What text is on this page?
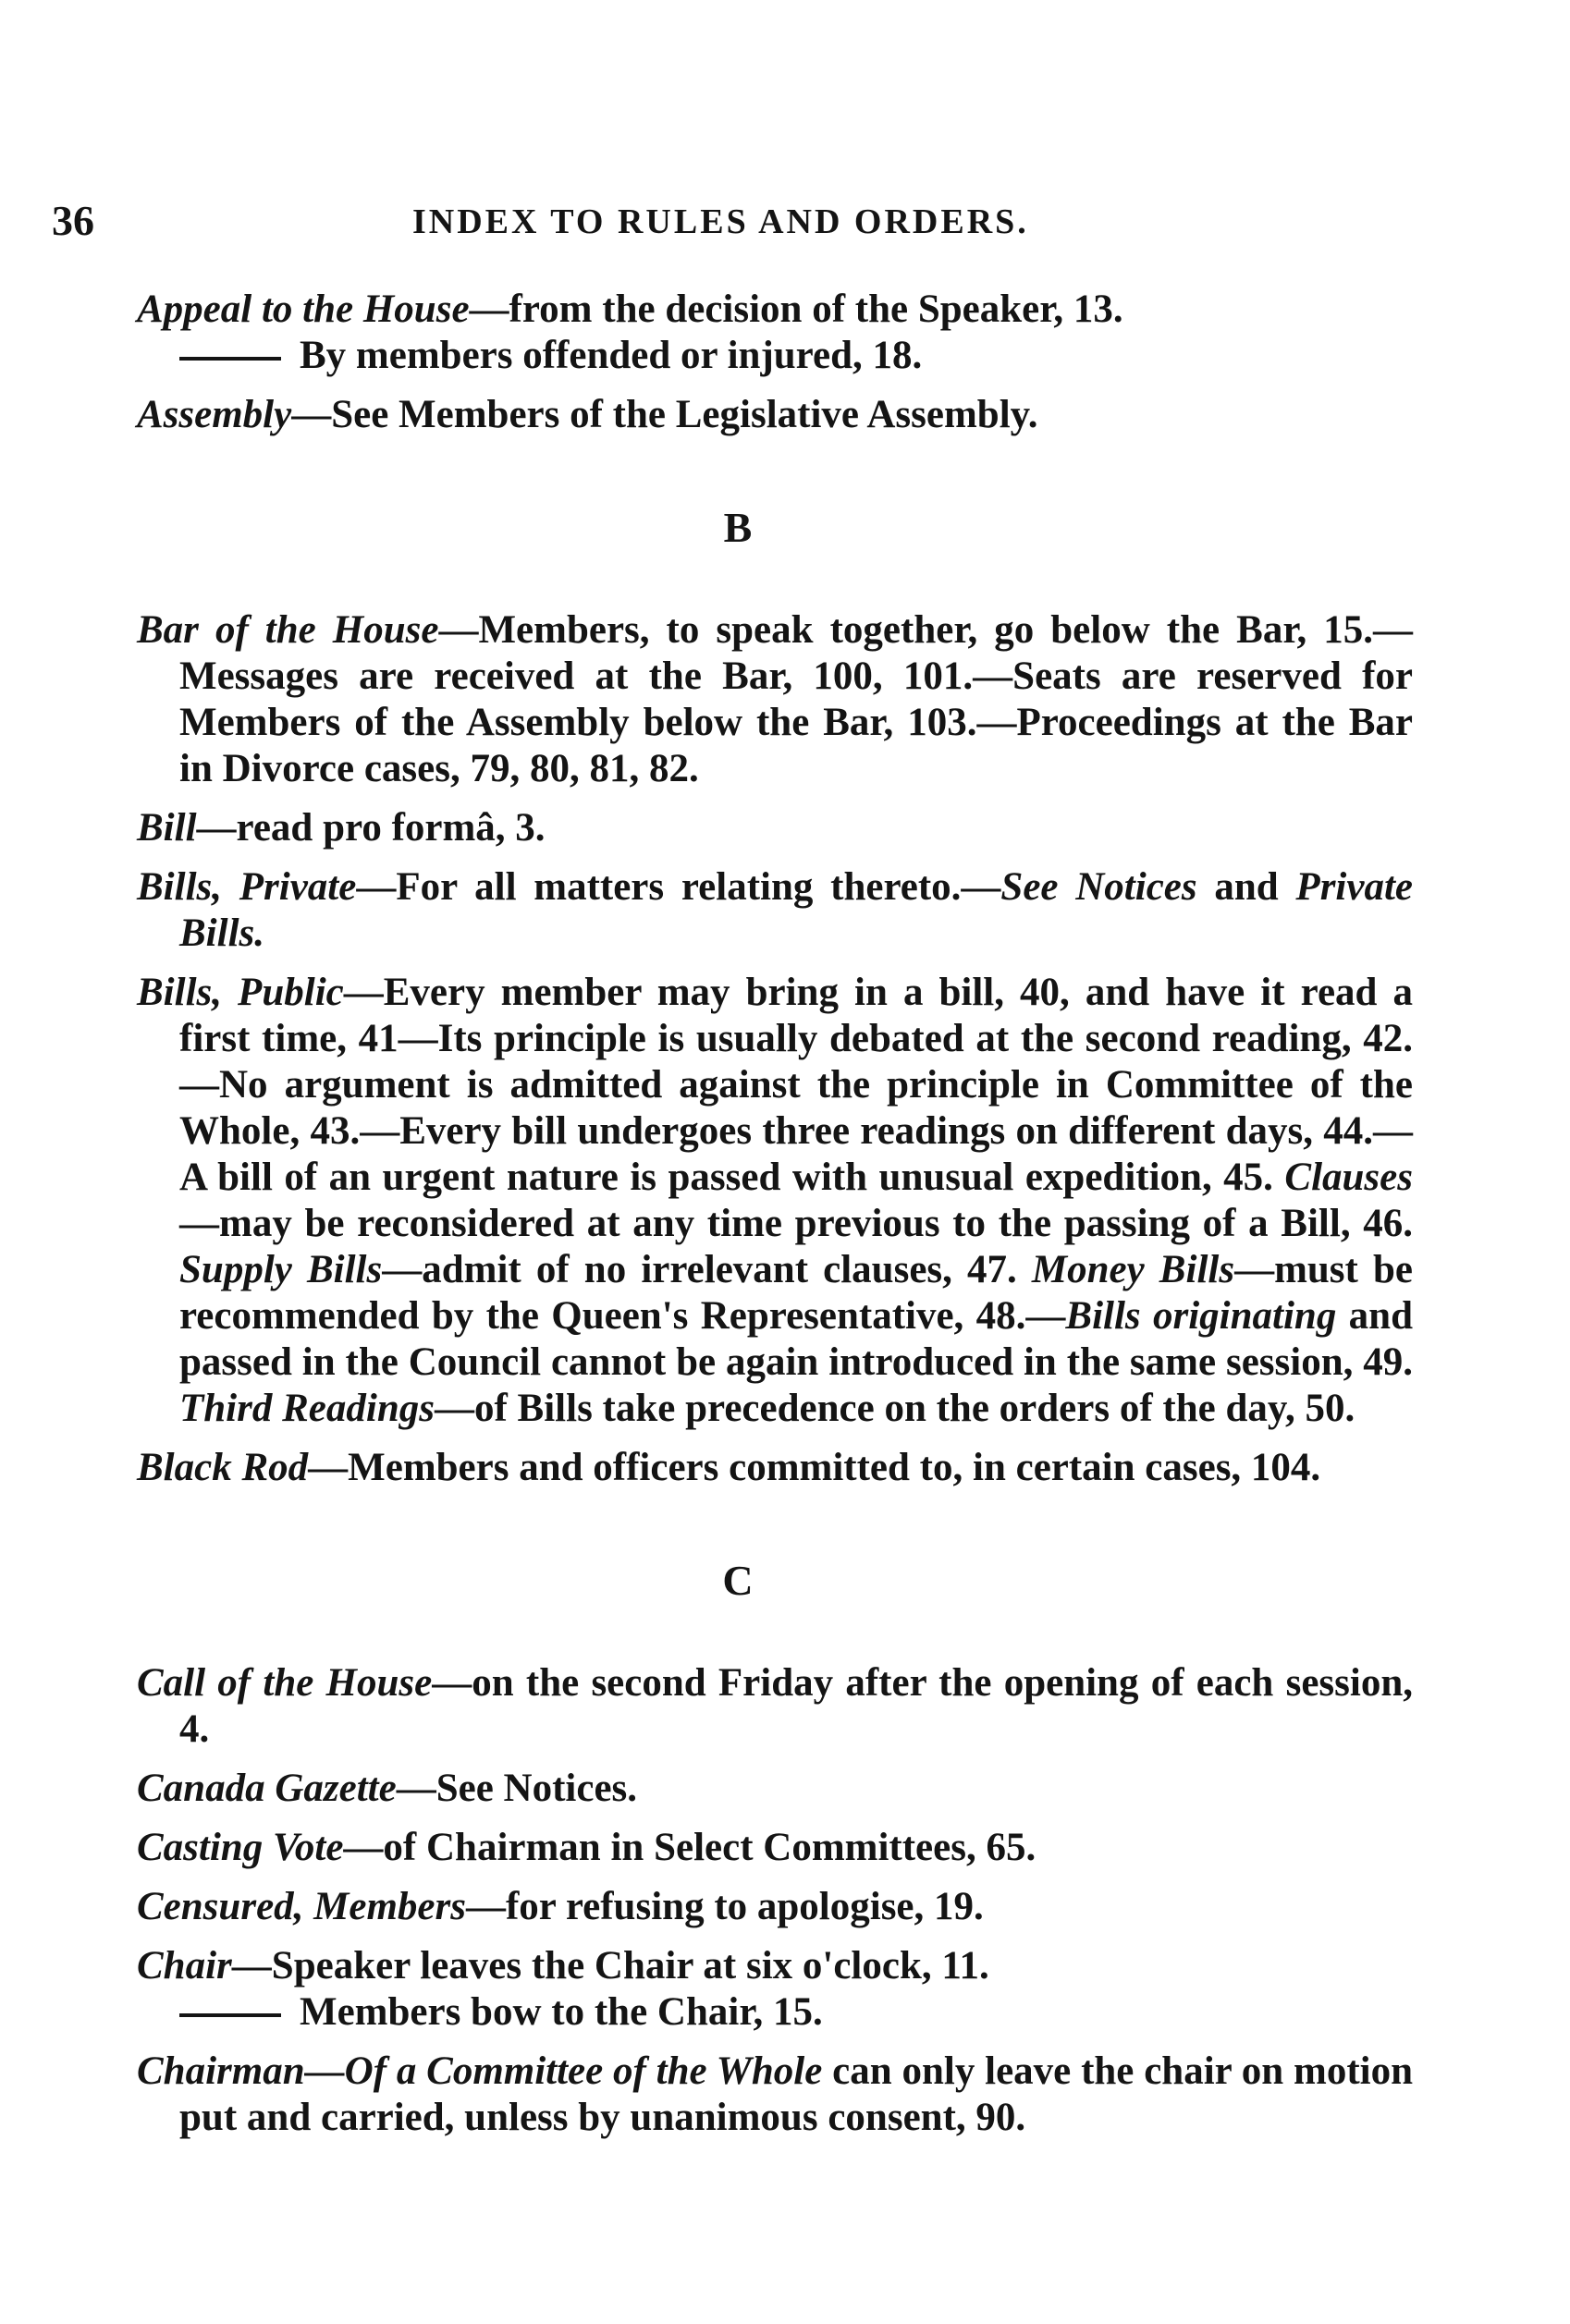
36	INDEX TO RULES AND ORDERS.

Appeal to the House—from the decision of the Speaker, 13.

By members offended or injured, 18.

Assembly—See Members of the Legislative Assembly.

B

Bar of the House—Members, to speak together, go below the Bar, 15.—Messages are received at the Bar, 100, 101.—Seats are reserved for Members of the Assembly below the Bar, 103.—Proceedings at the Bar in Divorce cases, 79, 80, 81, 82.

Bill—read pro formâ, 3.

Bills, Private—For all matters relating thereto.—See Notices and Private Bills.

Bills, Public—Every member may bring in a bill, 40, and have it read a first time, 41—Its principle is usually debated at the second reading, 42.—No argument is admitted against the principle in Committee of the Whole, 43.—Every bill undergoes three readings on different days, 44.—A bill of an urgent nature is passed with unusual expedition, 45. Clauses—may be reconsidered at any time previous to the passing of a Bill, 46. Supply Bills—admit of no irrelevant clauses, 47. Money Bills—must be recommended by the Queen's Representative, 48.—Bills originating and passed in the Council cannot be again introduced in the same session, 49. Third Readings—of Bills take precedence on the orders of the day, 50.

Black Rod—Members and officers committed to, in certain cases, 104.

C

Call of the House—on the second Friday after the opening of each session, 4.

Canada Gazette—See Notices.

Casting Vote—of Chairman in Select Committees, 65.

Censured, Members—for refusing to apologise, 19.

Chair—Speaker leaves the Chair at six o'clock, 11.

Members bow to the Chair, 15.

Chairman—Of a Committee of the Whole can only leave the chair on motion put and carried, unless by unanimous consent, 90.
